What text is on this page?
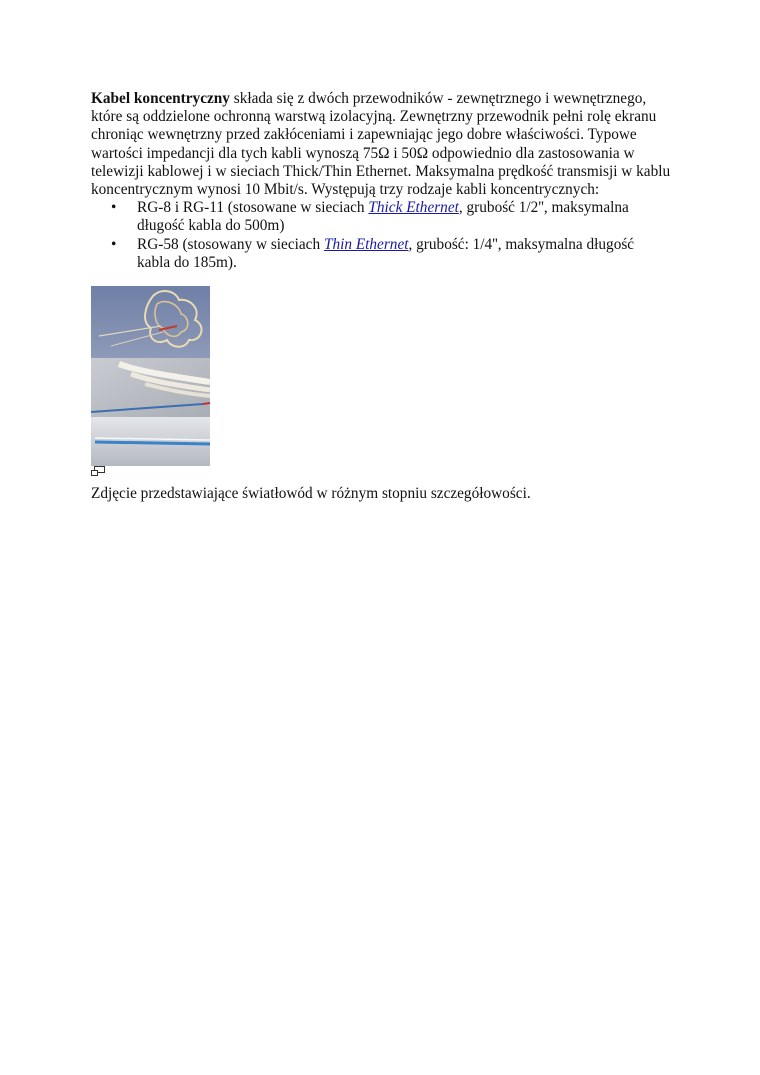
Kabel koncentryczny składa się z dwóch przewodników - zewnętrznego i wewnętrznego, które są oddzielone ochronną warstwą izolacyjną. Zewnętrzny przewodnik pełni rolę ekranu chroniąc wewnętrzny przed zakłóceniami i zapewniając jego dobre właściwości. Typowe wartości impedancji dla tych kabli wynoszą 75Ω i 50Ω odpowiednio dla zastosowania w telewizji kablowej i w sieciach Thick/Thin Ethernet. Maksymalna prędkość transmisji w kablu koncentrycznym wynosi 10 Mbit/s. Występują trzy rodzaje kabli koncentrycznych:

• RG-8 i RG-11 (stosowane w sieciach Thick Ethernet, grubość 1/2'', maksymalna długość kabla do 500m)
• RG-58 (stosowany w sieciach Thin Ethernet, grubość: 1/4'', maksymalna długość kabla do 185m).
Zdjęcie przedstawiające światłowód w różnym stopniu szczegółowości.
